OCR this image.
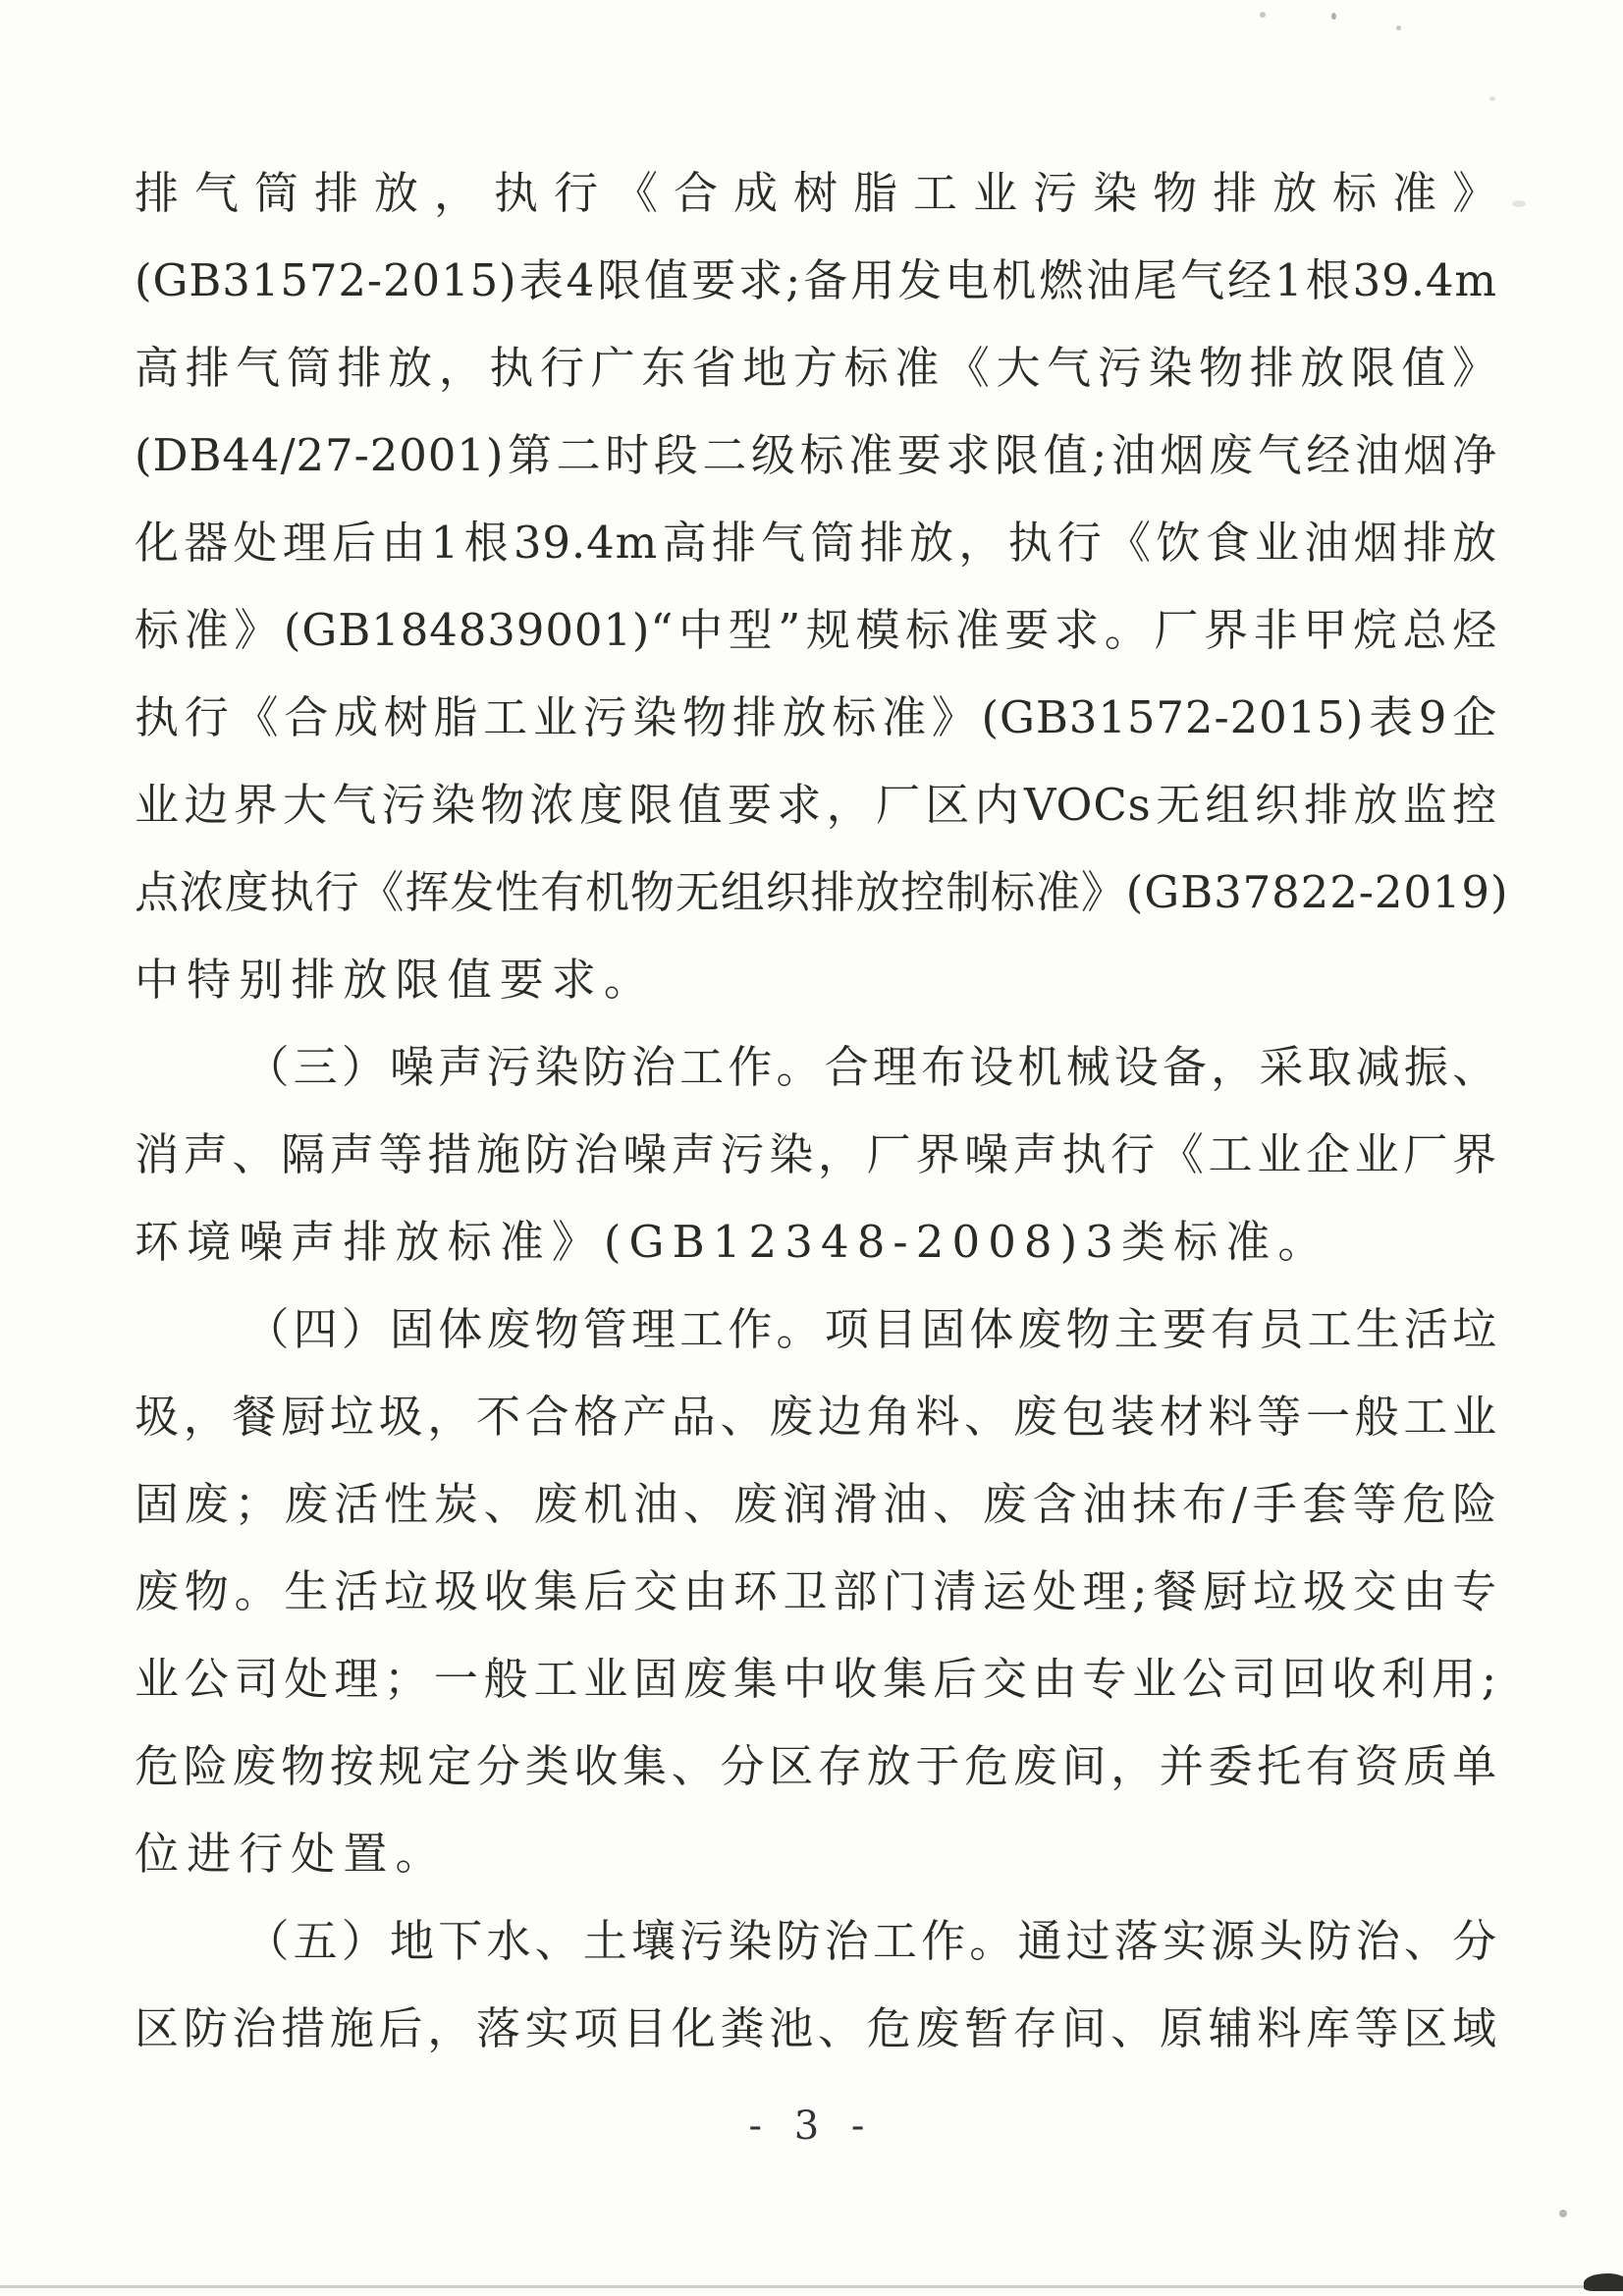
排气筒排放，执行《合成树脂工业污染物排放标准》
(GB31572-2015)表4限值要求;备用发电机燃油尾气经1根39.4m
高排气筒排放，执行广东省地方标准《大气污染物排放限值》
(DB44/27-2001)第二时段二级标准要求限值;油烟废气经油烟净
化器处理后由1根39.4m高排气筒排放，执行《饮食业油烟排放
标准》(GB184839001)“中型”规模标准要求。厂界非甲烷总烃
执行《合成树脂工业污染物排放标准》(GB31572-2015)表9企
业边界大气污染物浓度限值要求，厂区内VOCs无组织排放监控
点浓度执行《挥发性有机物无组织排放控制标准》(GB37822-2019)
中特别排放限值要求。
（三）噪声污染防治工作。合理布设机械设备，采取减振、
消声、隔声等措施防治噪声污染，厂界噪声执行《工业企业厂界
环境噪声排放标准》(GB12348-2008)3类标准。
（四）固体废物管理工作。项目固体废物主要有员工生活垃
圾，餐厨垃圾，不合格产品、废边角料、废包装材料等一般工业
固废；废活性炭、废机油、废润滑油、废含油抹布/手套等危险
废物。生活垃圾收集后交由环卫部门清运处理;餐厨垃圾交由专
业公司处理；一般工业固废集中收集后交由专业公司回收利用;
危险废物按规定分类收集、分区存放于危废间，并委托有资质单
位进行处置。
（五）地下水、土壤污染防治工作。通过落实源头防治、分
区防治措施后，落实项目化粪池、危废暂存间、原辅料库等区域
- 3 -
